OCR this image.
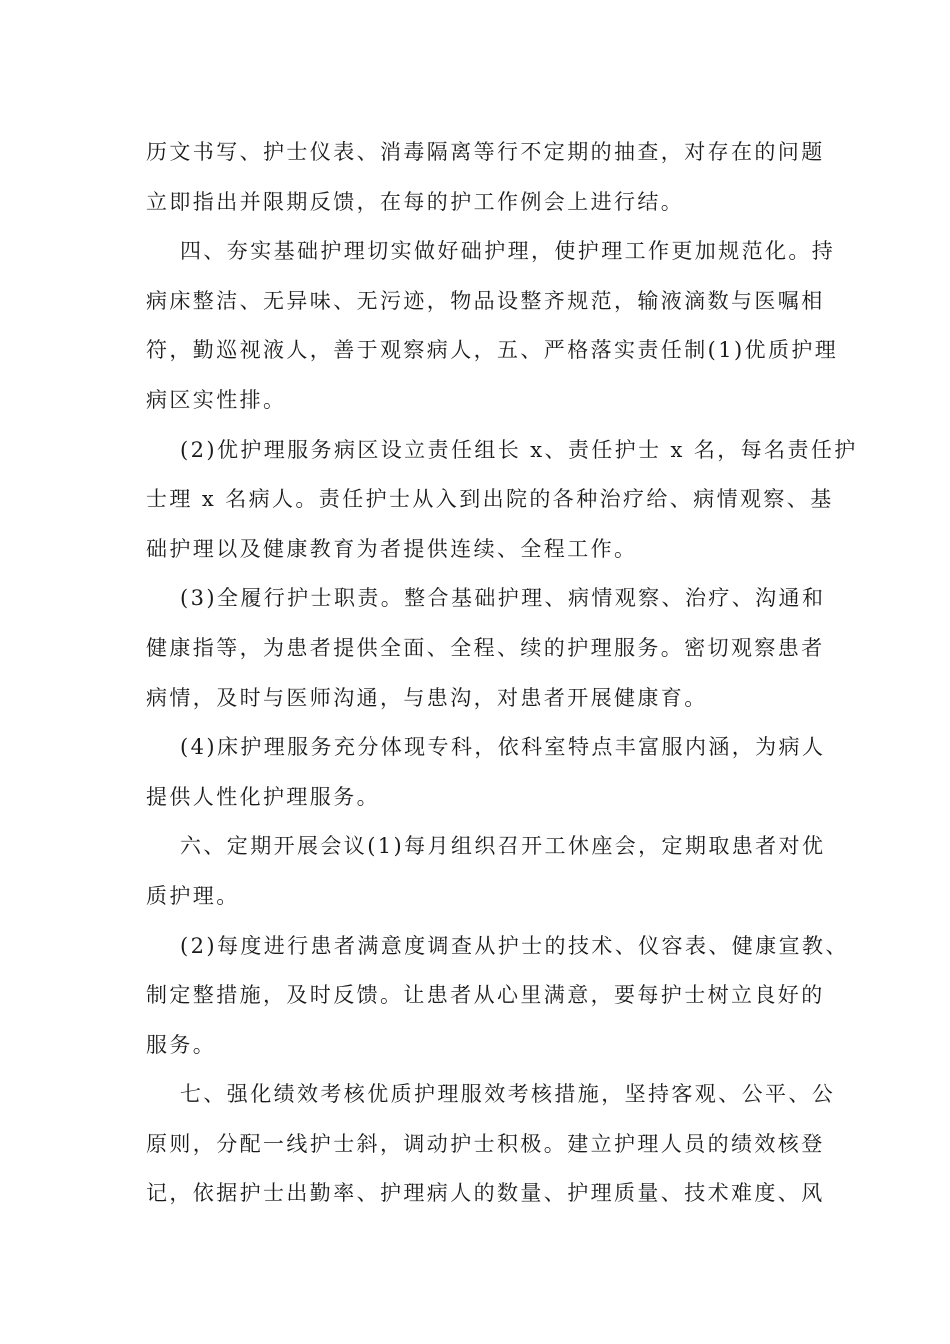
历文书写、护士仪表、消毒隔离等行不定期的抽查，对存在的问题
立即指出并限期反馈，在每的护工作例会上进行结。
四、夯实基础护理切实做好础护理，使护理工作更加规范化。持
病床整洁、无异味、无污迹，物品设整齐规范，输液滴数与医嘱相
符，勤巡视液人，善于观察病人，五、严格落实责任制(1)优质护理
病区实性排。
(2)优护理服务病区设立责任组长 x、责任护士 x 名，每名责任护
士理 x 名病人。责任护士从入到出院的各种治疗给、病情观察、基
础护理以及健康教育为者提供连续、全程工作。
(3)全履行护士职责。整合基础护理、病情观察、治疗、沟通和
健康指等，为患者提供全面、全程、续的护理服务。密切观察患者
病情，及时与医师沟通，与患沟，对患者开展健康育。
(4)床护理服务充分体现专科，依科室特点丰富服内涵，为病人
提供人性化护理服务。
六、定期开展会议(1)每月组织召开工休座会，定期取患者对优
质护理。
(2)每度进行患者满意度调查从护士的技术、仪容表、健康宣教、
制定整措施，及时反馈。让患者从心里满意，要每护士树立良好的
服务。
七、强化绩效考核优质护理服效考核措施，坚持客观、公平、公
原则，分配一线护士斜，调动护士积极。建立护理人员的绩效核登
记，依据护士出勤率、护理病人的数量、护理质量、技术难度、风
